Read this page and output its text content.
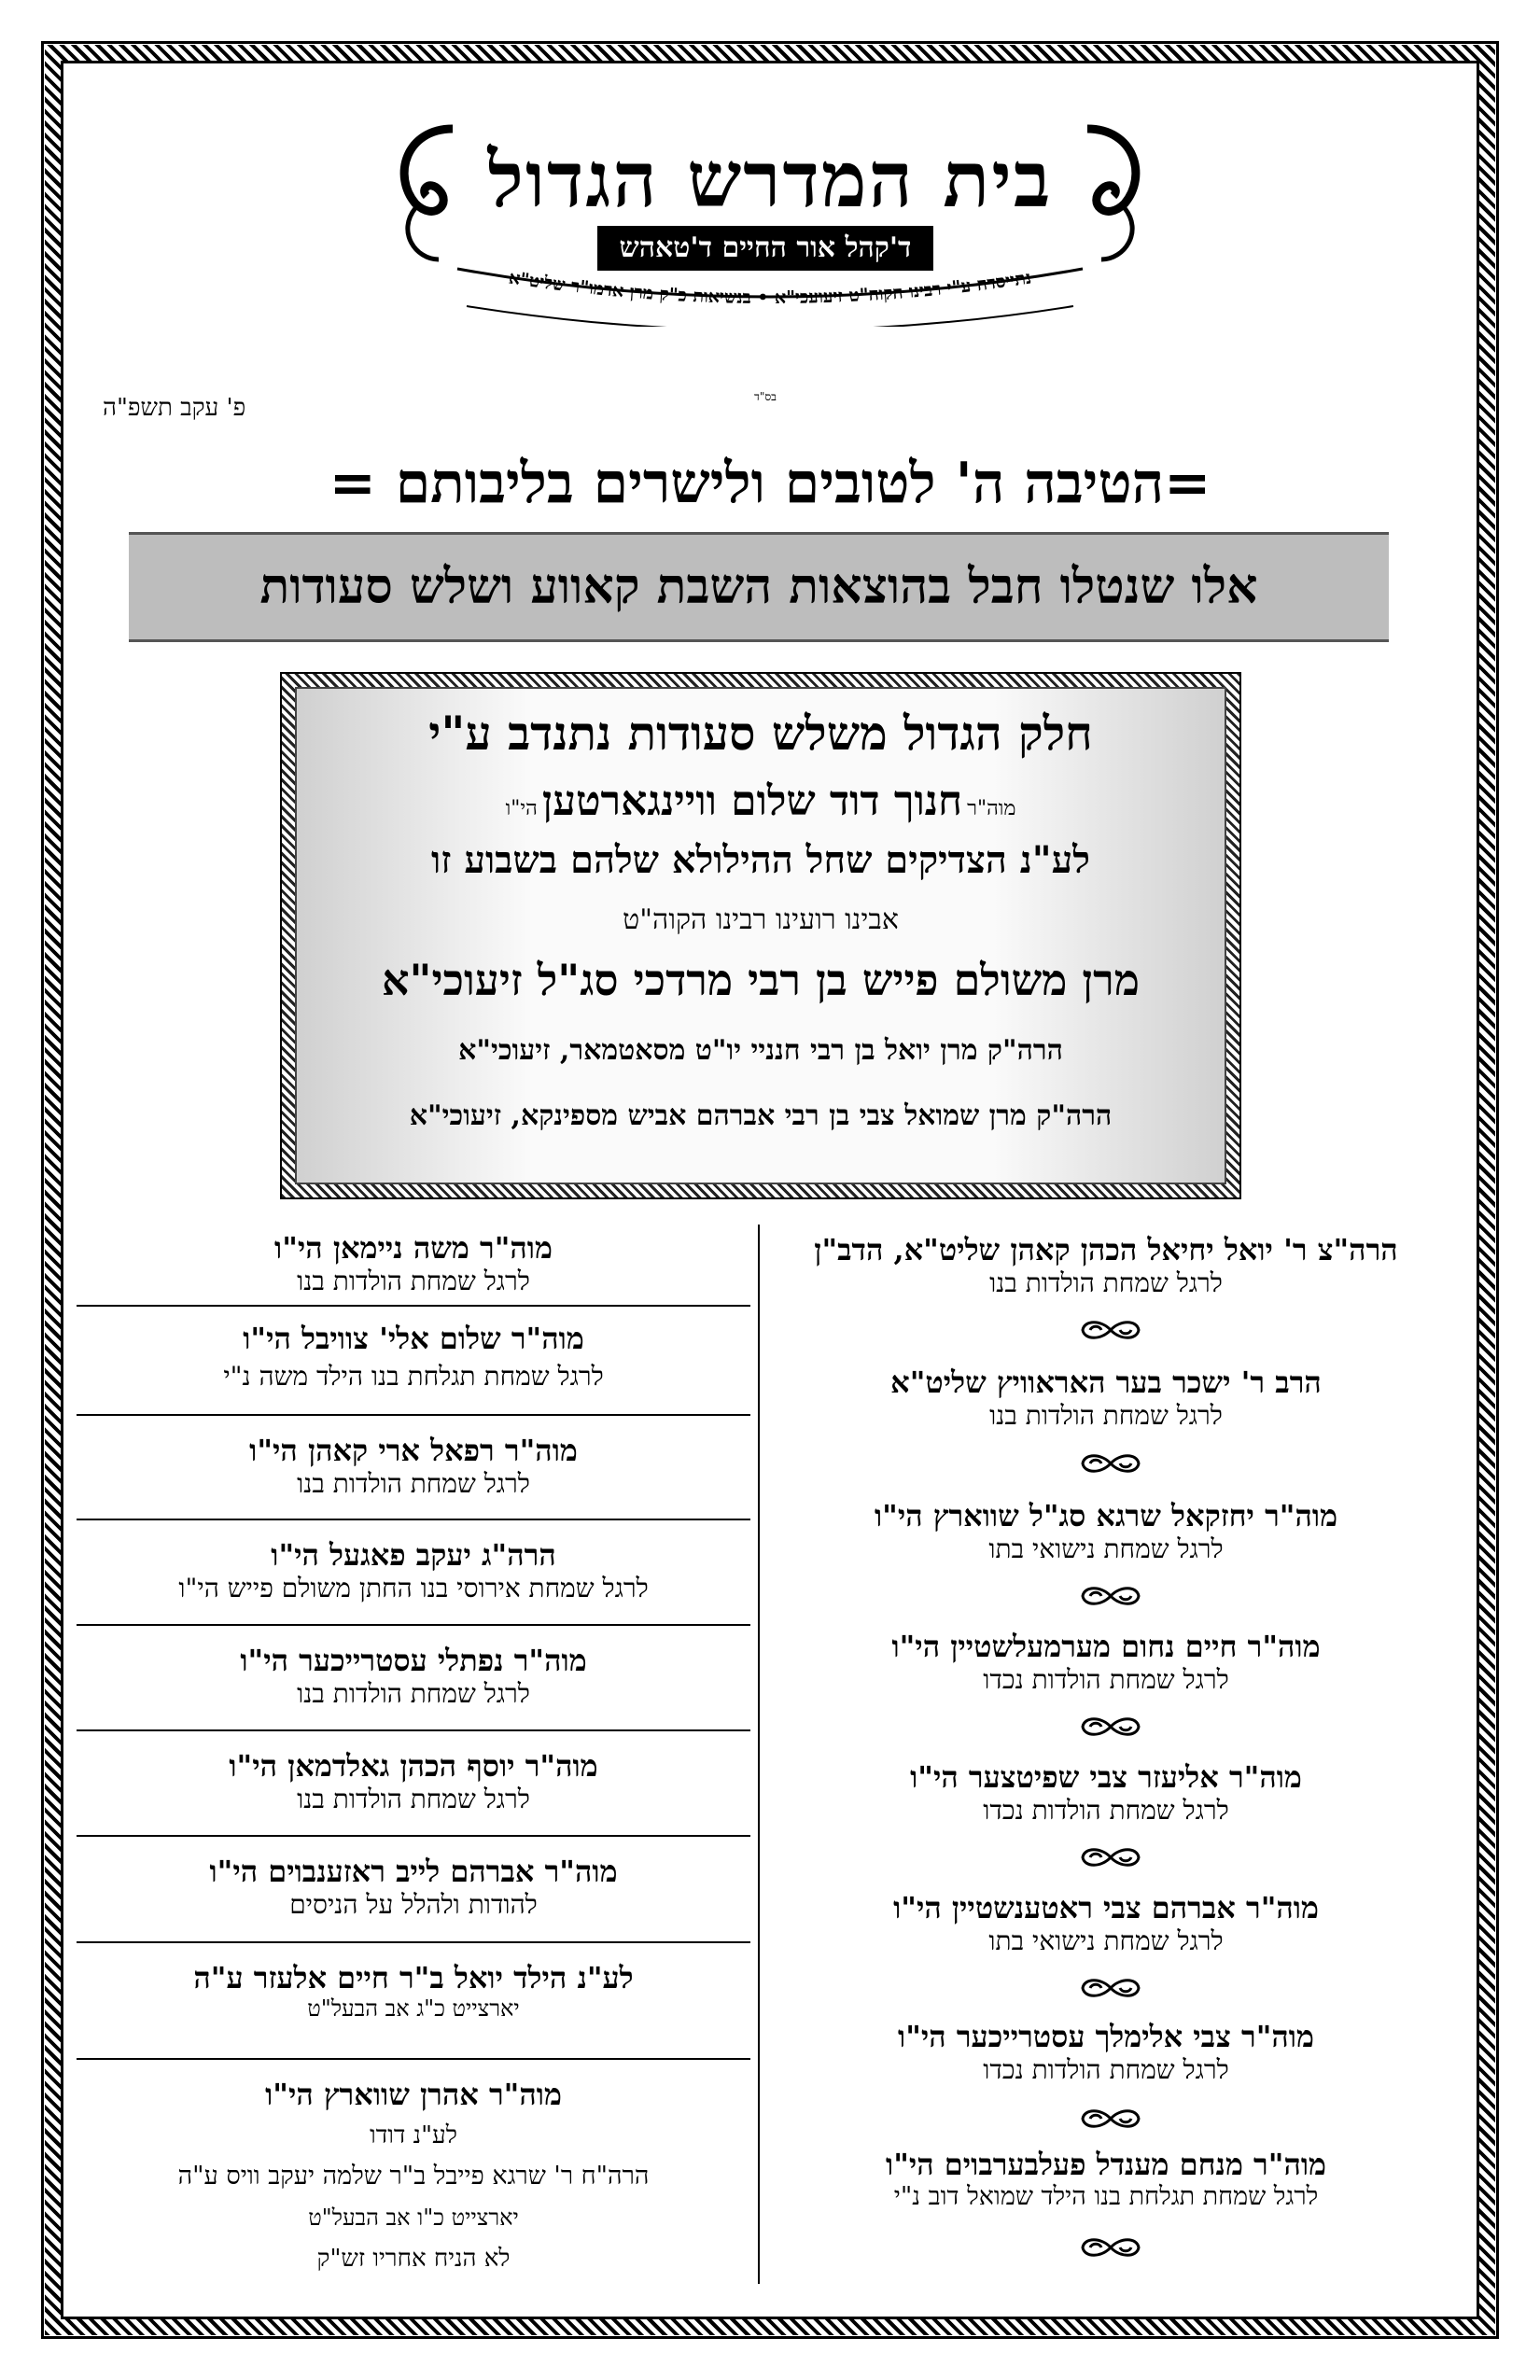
בית המדרש הגדול
ד'קהל אור החיים ד'טאהש
נתייסדה ע"י רבינו הקוה"ט זיעועכי"א • בנשיאות כ"ק מרן אדמו"ר שליט"א
בס"ד
פ' עקב תשפ"ה
=הטיבה ה' לטובים ולישרים בליבותם =
אלו שנטלו חבל בהוצאות השבת קאווע ושלש סעודות
חלק הגדול משלש סעודות נתנדב ע"י
מוה"ר חנוך דוד שלום וויינגארטען הי"ו
לע"נ הצדיקים שחל ההילולא שלהם בשבוע זו
אבינו רועינו רבינו הקוה"ט
מרן משולם פייש בן רבי מרדכי סג"ל זיעוכי"א
הרה"ק מרן יואל בן רבי חנניי יו"ט מסאטמאר, זיעוכי"א
הרה"ק מרן שמואל צבי בן רבי אברהם אביש מספינקא, זיעוכי"א
הרה"צ ר' יואל יחיאל הכהן קאהן שליט"א, הדב"ן
לרגל שמחת הולדות בנו
הרב ר' ישכר בער האראוויץ שליט"א
לרגל שמחת הולדות בנו
מוה"ר יחזקאל שרגא סג"ל שווארץ הי"ו
לרגל שמחת נישואי בתו
מוה"ר חיים נחום מערמעלשטיין הי"ו
לרגל שמחת הולדות נכדו
מוה"ר אליעזר צבי שפיטצער הי"ו
לרגל שמחת הולדות נכדו
מוה"ר אברהם צבי ראטענשטיין הי"ו
לרגל שמחת נישואי בתו
מוה"ר צבי אלימלך עסטרייכער הי"ו
לרגל שמחת הולדות נכדו
מוה"ר מנחם מענדל פעלבערבוים הי"ו
לרגל שמחת תגלחת בנו הילד שמואל דוב נ"י
מוה"ר משה ניימאן הי"ו
לרגל שמחת הולדות בנו
מוה"ר שלום אלי' צוויבל הי"ו
לרגל שמחת תגלחת בנו הילד משה נ"י
מוה"ר רפאל ארי קאהן הי"ו
לרגל שמחת הולדות בנו
הרה"ג יעקב פאגעל הי"ו
לרגל שמחת אירוסי בנו החתן משולם פייש הי"ו
מוה"ר נפתלי עסטרייכער הי"ו
לרגל שמחת הולדות בנו
מוה"ר יוסף הכהן גאלדמאן הי"ו
לרגל שמחת הולדות בנו
מוה"ר אברהם לייב ראזענבוים הי"ו
להודות ולהלל על הניסים
לע"נ הילד יואל ב"ר חיים אלעזר ע"ה
יארצייט כ"ג אב הבעל"ט
מוה"ר אהרן שווארץ הי"ו
לע"נ דודו
הרה"ח ר' שרגא פייבל ב"ר שלמה יעקב וויס ע"ה
יארצייט כ"ו אב הבעל"ט
לא הניח אחריו זש"ק
